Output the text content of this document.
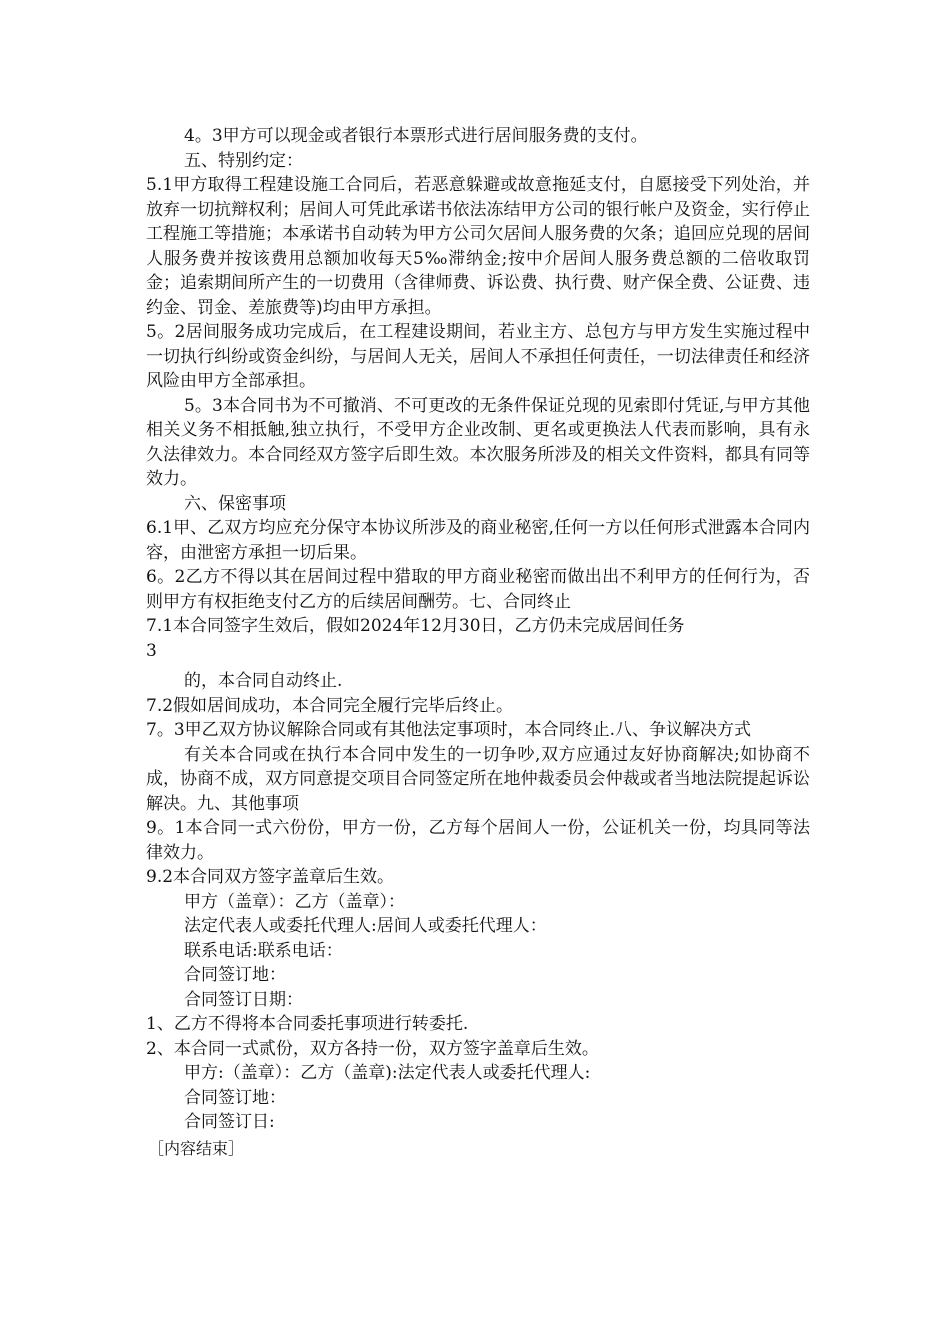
4。3甲方可以现金或者银行本票形式进行居间服务费的支付。

五、特别约定：

5.1甲方取得工程建设施工合同后，若恶意躲避或故意拖延支付，自愿接受下列处治，并放弃一切抗辩权利；居间人可凭此承诺书依法冻结甲方公司的银行帐户及资金，实行停止工程施工等措施；本承诺书自动转为甲方公司欠居间人服务费的欠条；追回应兑现的居间人服务费并按该费用总额加收每天5‰滞纳金;按中介居间人服务费总额的二倍收取罚金；追索期间所产生的一切费用（含律师费、诉讼费、执行费、财产保全费、公证费、违约金、罚金、差旅费等)均由甲方承担。

5。2居间服务成功完成后，在工程建设期间，若业主方、总包方与甲方发生实施过程中一切执行纠纷或资金纠纷，与居间人无关，居间人不承担任何责任，一切法律责任和经济风险由甲方全部承担。

5。3本合同书为不可撤消、不可更改的无条件保证兑现的见索即付凭证,与甲方其他相关义务不相抵触,独立执行，不受甲方企业改制、更名或更换法人代表而影响，具有永久法律效力。本合同经双方签字后即生效。本次服务所涉及的相关文件资料，都具有同等效力。

六、保密事项

6.1甲、乙双方均应充分保守本协议所涉及的商业秘密,任何一方以任何形式泄露本合同内容，由泄密方承担一切后果。

6。2乙方不得以其在居间过程中猎取的甲方商业秘密而做出出不利甲方的任何行为，否则甲方有权拒绝支付乙方的后续居间酬劳。七、合同终止

7.1本合同签字生效后，假如2024年12月30日，乙方仍未完成居间任务

3

的，本合同自动终止.

7.2假如居间成功，本合同完全履行完毕后终止。

7。3甲乙双方协议解除合同或有其他法定事项时，本合同终止.八、争议解决方式

有关本合同或在执行本合同中发生的一切争吵,双方应通过友好协商解决;如协商不成，协商不成，双方同意提交项目合同签定所在地仲裁委员会仲裁或者当地法院提起诉讼解决。九、其他事项

9。1本合同一式六份份，甲方一份，乙方每个居间人一份，公证机关一份，均具同等法律效力。

9.2本合同双方签字盖章后生效。

甲方（盖章）：乙方（盖章）：

法定代表人或委托代理人:居间人或委托代理人：

联系电话:联系电话：

合同签订地：

合同签订日期：

1、乙方不得将本合同委托事项进行转委托.

2、本合同一式贰份，双方各持一份，双方签字盖章后生效。

甲方:（盖章）：乙方（盖章):法定代表人或委托代理人:

合同签订地：

合同签订日:

［内容结束］
